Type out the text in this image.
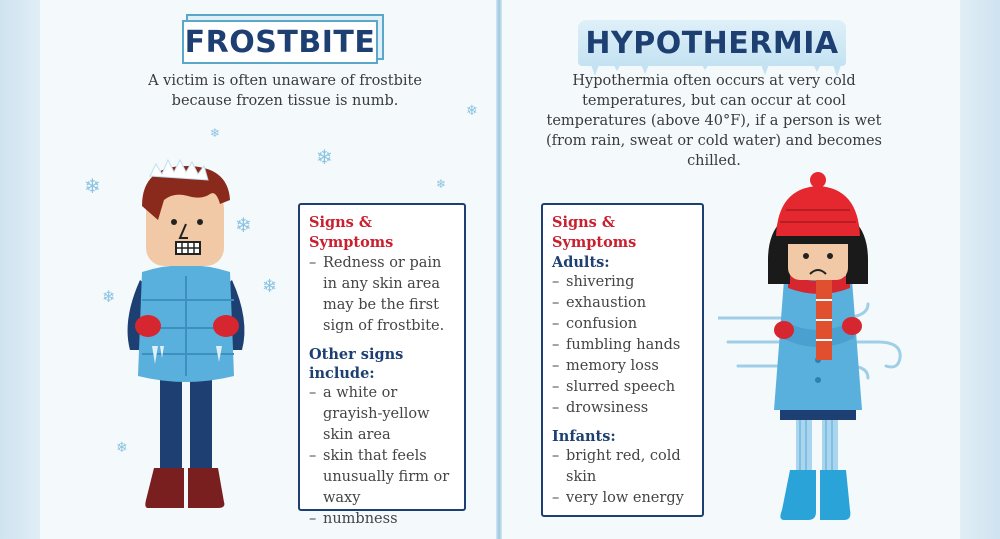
FROSTBITE	HYPOTHERMIA
A victim is often unaware of frostbite because frozen tissue is numb.
Hypothermia often occurs at very cold temperatures, but can occur at cool temperatures (above 40°F), if a person is wet (from rain, sweat or cold water) and becomes chilled.
Signs & Symptoms
– Redness or pain in any skin area may be the first sign of frostbite.
Other signs include:
– a white or grayish-yellow skin area
– skin that feels unusually firm or waxy
– numbness
Signs & Symptoms
Adults:
– shivering
– exhaustion
– confusion
– fumbling hands
– memory loss
– slurred speech
– drowsiness
Infants:
– bright red, cold skin
– very low energy
❄
❄
❄
❄
❄
❄
❄
❄
❄
